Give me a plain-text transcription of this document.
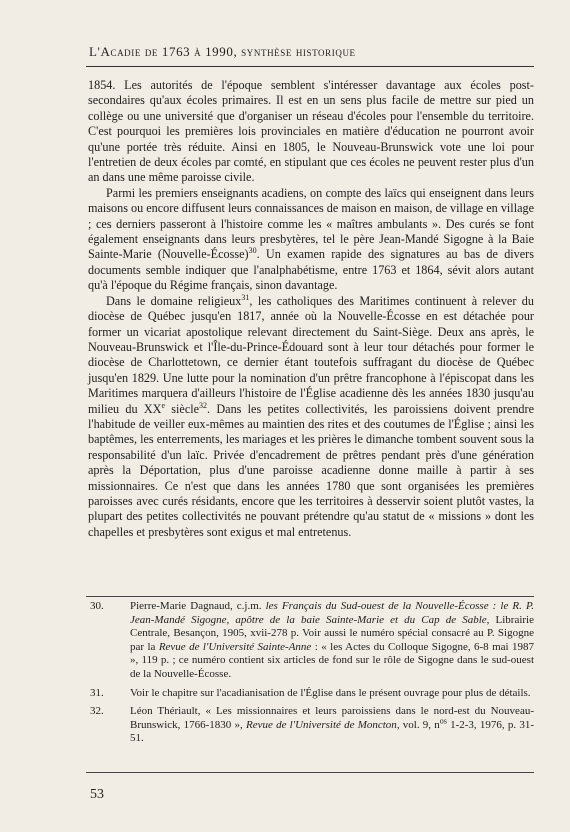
L'Acadie de 1763 à 1990, synthèse historique

1854. Les autorités de l'époque semblent s'intéresser davantage aux écoles post-secondaires qu'aux écoles primaires. Il est en un sens plus facile de mettre sur pied un collège ou une université que d'organiser un réseau d'écoles pour l'ensemble du territoire. C'est pourquoi les premières lois provinciales en matière d'éducation ne pourront avoir qu'une portée très réduite. Ainsi en 1805, le Nouveau-Brunswick vote une loi pour l'entretien de deux écoles par comté, en stipulant que ces écoles ne peuvent rester plus d'un an dans une même paroisse civile.

Parmi les premiers enseignants acadiens, on compte des laïcs qui enseignent dans leurs maisons ou encore diffusent leurs connaissances de maison en maison, de village en village ; ces derniers passeront à l'histoire comme les « maîtres ambulants ». Des curés se font également enseignants dans leurs presbytères, tel le père Jean-Mandé Sigogne à la Baie Sainte-Marie (Nouvelle-Écosse)$^{30}$. Un examen rapide des signatures au bas de divers documents semble indiquer que l'analphabétisme, entre 1763 et 1864, sévit alors autant qu'à l'époque du Régime français, sinon davantage.

Dans le domaine religieux$^{31}$, les catholiques des Maritimes continuent à relever du diocèse de Québec jusqu'en 1817, année où la Nouvelle-Écosse en est détachée pour former un vicariat apostolique relevant directement du Saint-Siège. Deux ans après, le Nouveau-Brunswick et l'Île-du-Prince-Édouard sont à leur tour détachés pour former le diocèse de Charlottetown, ce dernier étant toutefois suffragant du diocèse de Québec jusqu'en 1829. Une lutte pour la nomination d'un prêtre francophone à l'épiscopat dans les Maritimes marquera d'ailleurs l'histoire de l'Église acadienne dès les années 1830 jusqu'au milieu du XXe siècle$^{32}$. Dans les petites collectivités, les paroissiens doivent prendre l'habitude de veiller eux-mêmes au maintien des rites et des coutumes de l'Église ; ainsi les baptêmes, les enterrements, les mariages et les prières le dimanche tombent souvent sous la responsabilité d'un laïc. Privée d'encadrement de prêtres pendant près d'une génération après la Déportation, plus d'une paroisse acadienne donne maille à partir à ses missionnaires. Ce n'est que dans les années 1780 que sont organisées les premières paroisses avec curés résidants, encore que les territoires à desservir soient plutôt vastes, la plupart des petites collectivités ne pouvant prétendre qu'au statut de « missions » dont les chapelles et presbytères sont exigus et mal entretenus.

30.	Pierre-Marie Dagnaud, c.j.m. les Français du Sud-ouest de la Nouvelle-Écosse : le R. P. Jean-Mandé Sigogne, apôtre de la baie Sainte-Marie et du Cap de Sable, Librairie Centrale, Besançon, 1905, xvii-278 p. Voir aussi le numéro spécial consacré au P. Sigogne par la Revue de l'Université Sainte-Anne : « les Actes du Colloque Sigogne, 6-8 mai 1987 », 119 p. ; ce numéro contient six articles de fond sur le rôle de Sigogne dans le sud-ouest de la Nouvelle-Écosse.
31.	Voir le chapitre sur l'acadianisation de l'Église dans le présent ouvrage pour plus de détails.
32.	Léon Thériault, « Les missionnaires et leurs paroissiens dans le nord-est du Nouveau-Brunswick, 1766-1830 », Revue de l'Université de Moncton, vol. 9, n$^{os}$ 1-2-3, 1976, p. 31-51.
53
